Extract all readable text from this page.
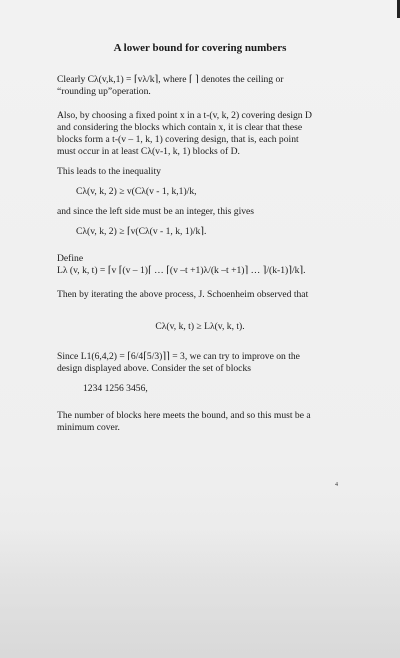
A lower bound for covering numbers
Clearly Cλ(v,k,1) = ⌈vλ/k⌉, where ⌈ ⌉ denotes the ceiling or
“rounding up”operation.
Also, by choosing a fixed point x in a t-(v, k, 2) covering design D
and considering the blocks which contain x, it is clear that these
blocks form a t-(v – 1, k, 1) covering design, that is, each point
must occur in at least Cλ(v-1, k, 1) blocks of D.
This leads to the inequality
Cλ(v, k, 2) ≥ v(Cλ(v - 1, k,1)/k,
and since the left side must be an integer, this gives
Cλ(v, k, 2) ≥ ⌈v(Cλ(v - 1, k, 1)/k⌉.
Define
Lλ (v, k, t) = ⌈v ⌈(v – 1)⌈ … ⌈(v –t +1)λ/(k –t +1)⌉ … ⌉/(k-1)⌉/k⌉.
Then by iterating the above process, J. Schoenheim observed that
Cλ(v, k, t) ≥ Lλ(v, k, t).
Since L1(6,4,2) = ⌈6/4⌈5/3)⌉⌉ = 3, we can try to improve on the
design displayed above. Consider the set of blocks
1234 1256 3456,
The number of blocks here meets the bound, and so this must be a
minimum cover.
4
